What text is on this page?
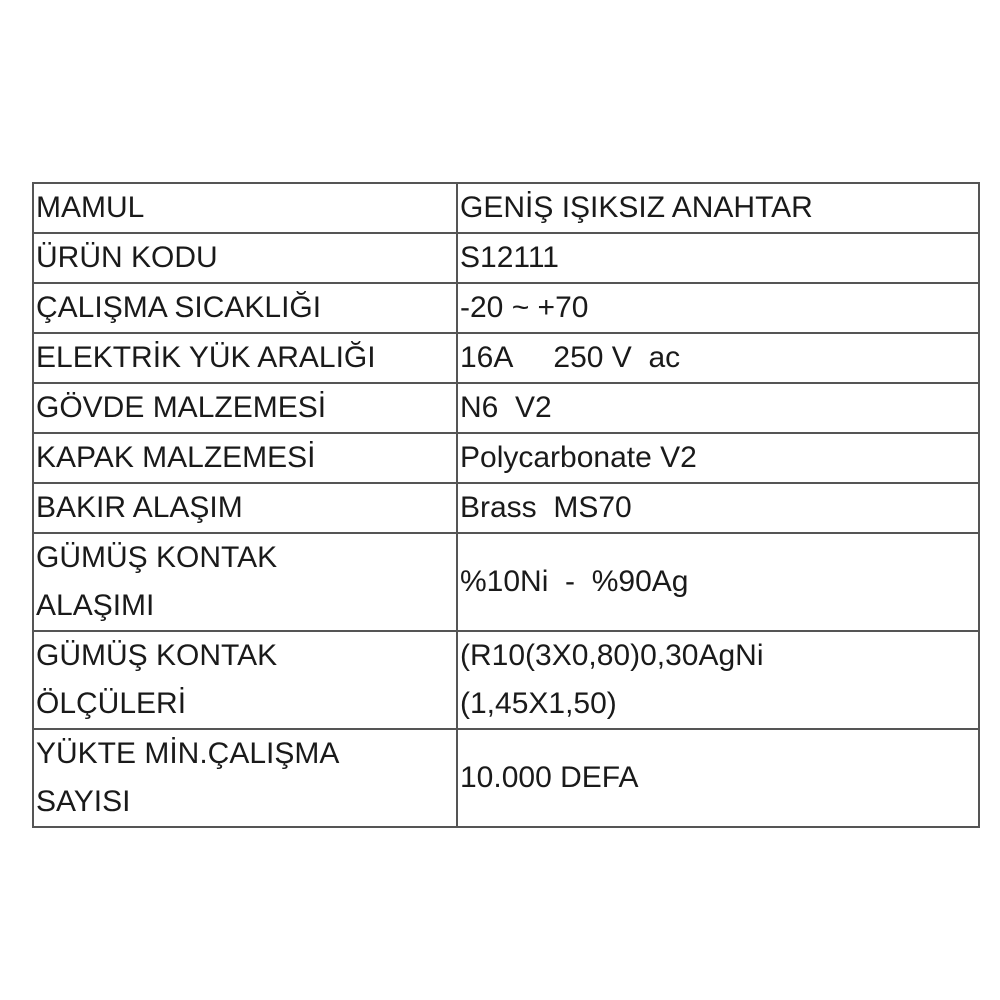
MAMUL	GENİŞ IŞIKSIZ ANAHTAR

ÜRÜN KODU	S12111

ÇALIŞMA SICAKLIĞI	-20 ~ +70

ELEKTRİK YÜK ARALIĞI	16A     250 V  ac

GÖVDE MALZEMESİ	N6  V2

KAPAK MALZEMESİ	Polycarbonate V2

BAKIR ALAŞIM	Brass  MS70

GÜMÜŞ KONTAK
ALAŞIMI	%10Ni  -  %90Ag

GÜMÜŞ KONTAK
ÖLÇÜLERİ	(R10(3X0,80)0,30AgNi
(1,45X1,50)

YÜKTE MİN.ÇALIŞMA
SAYISI	10.000 DEFA
